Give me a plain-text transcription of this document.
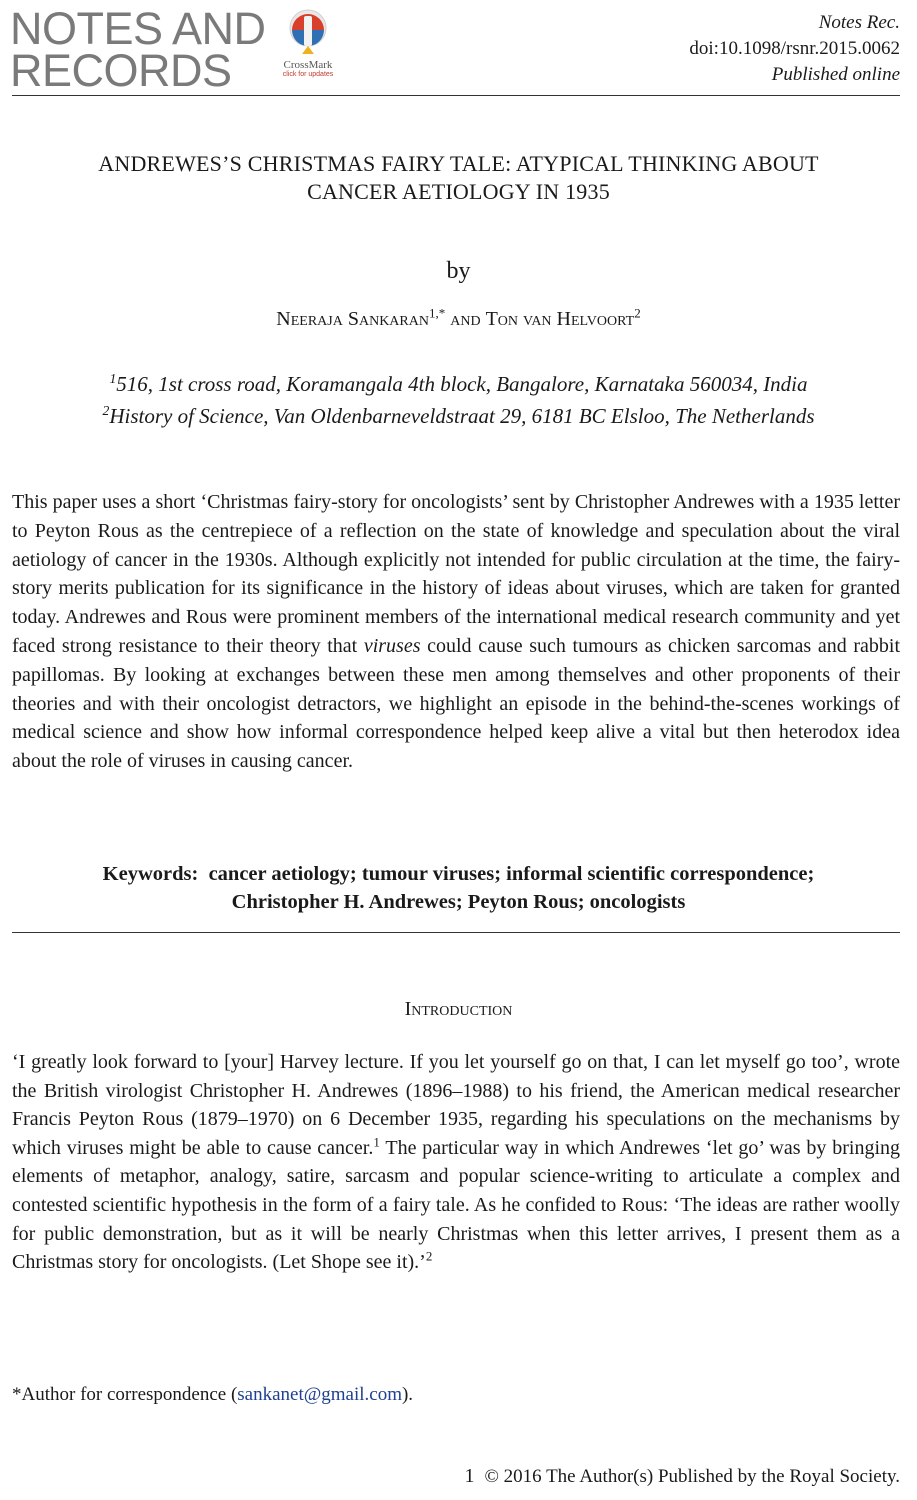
NOTES AND
RECORDS	CrossMark
click for updates
Notes Rec.
doi:10.1098/rsnr.2015.0062
Published online
ANDREWES’S CHRISTMAS FAIRY TALE: ATYPICAL THINKING ABOUT
CANCER AETIOLOGY IN 1935
by
Neeraja Sankaran$^{1,*}$ and Ton van Helvoort$^2$
$^1$516, 1st cross road, Koramangala 4th block, Bangalore, Karnataka 560034, India
$^2$History of Science, Van Oldenbarneveldstraat 29, 6181 BC Elsloo, The Netherlands
This paper uses a short ‘Christmas fairy-story for oncologists’ sent by Christopher Andrewes with a 1935 letter to Peyton Rous as the centrepiece of a reflection on the state of knowledge and speculation about the viral aetiology of cancer in the 1930s. Although explicitly not intended for public circulation at the time, the fairy-story merits publication for its significance in the history of ideas about viruses, which are taken for granted today. Andrewes and Rous were prominent members of the international medical research community and yet faced strong resistance to their theory that viruses could cause such tumours as chicken sarcomas and rabbit papillomas. By looking at exchanges between these men among themselves and other proponents of their theories and with their oncologist detractors, we highlight an episode in the behind-the-scenes workings of medical science and show how informal correspondence helped keep alive a vital but then heterodox idea about the role of viruses in causing cancer.
Keywords: cancer aetiology; tumour viruses; informal scientific correspondence; Christopher H. Andrewes; Peyton Rous; oncologists
Introduction
‘I greatly look forward to [your] Harvey lecture. If you let yourself go on that, I can let myself go too’, wrote the British virologist Christopher H. Andrewes (1896–1988) to his friend, the American medical researcher Francis Peyton Rous (1879–1970) on 6 December 1935, regarding his speculations on the mechanisms by which viruses might be able to cause cancer.$^1$ The particular way in which Andrewes ‘let go’ was by bringing elements of metaphor, analogy, satire, sarcasm and popular science-writing to articulate a complex and contested scientific hypothesis in the form of a fairy tale. As he confided to Rous: ‘The ideas are rather woolly for public demonstration, but as it will be nearly Christmas when this letter arrives, I present them as a Christmas story for oncologists. (Let Shope see it).’$^2$
*Author for correspondence (sankanet@gmail.com).
1 © 2016 The Author(s) Published by the Royal Society.
